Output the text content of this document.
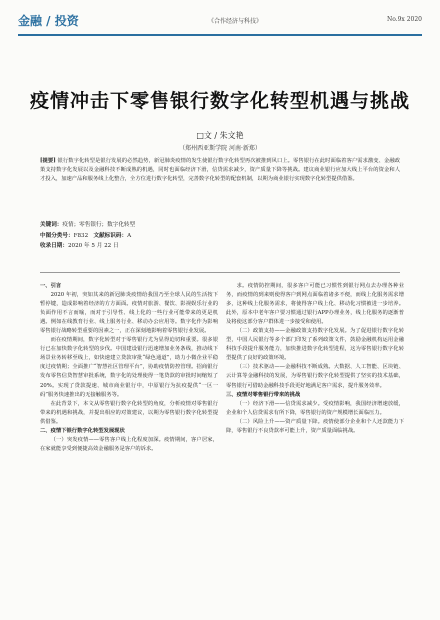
金融 / 投资	《合作经济与科技》	No.9x 2020
疫情冲击下零售银行数字化转型机遇与挑战
□文 / 朱文艳
（郑州西亚斯学院 河南·新郑）
[提要] 银行数字化转型是银行发展的必然趋势，新冠肺炎疫情的发生使银行数字化转型再次被推到风口上。零售银行在此时面临着客户需求激变、金融政策支持数字化发展以及金融科技不断成熟的机遇，同时也面临经济下滑，信贷需求减少，资产质量下降等挑战。建议商业银行应加大线上平台的资金和人才投入，加速产品和服务线上化整合，全方位进行数字化转型，完善数字化转型的配套机制，以期为商业银行实现数字化转型提供借鉴。
关键词：疫情；零售银行；数字化转型
中图分类号：F832 文献标识码：A
收录日期：2020 年 5 月 22 日

一、引言

2020 年初，突如其来的新冠肺炎疫情给我国乃至全球人民的生活按下暂停键，造成影响着经济的方方面面。疫情对旅游、餐饮、影视娱乐行业的负面作用不言而喻，而对于引导性、线上化的一些行业可能带来的更是机遇。例如在线教育行业、线上服务行业、移动办公应用等。数字化作为影响零售银行战略转型重要的因素之一，正在深刻地影响着零售银行业发展。

而在疫情期间，数字化转型对于零售银行尤为显得迫切和重要。很多银行已在加快数字化转型的步伐。中国建设银行迅速增加业务条线，推动线下场景业务转移至线上，如快速建立贷款审批“绿色通道”，助力小微企业平稳度过疫情期；全面推广“智慧社区管理平台”，协助疫情防控管理。招商银行发布零售信贷智慧审批系统，数字化的处理使得一笔贷款的审批时间缩短了 20%。实现了贷款提速、城市商业银行中，中原银行为抗疫提供“一区一码”服务快速推出的无接触服务等。

在此背景下，本文从零售银行数字化转型的角度，分析疫情对零售银行带来的机遇和挑战，并提出相应的对策建议，以期为零售银行数字化转型提供借鉴。

二、疫情下银行数字化转型发展现状

（一）突发疫情——零售客户线上化程度加深。疫情期间，客户居家，在家就能享受到便捷高效金融服务是客户的诉求。

求。疫情防控期间，很多客户可能已习惯性到银行网点去办理各种业务，而疫情的到来则使得客户到网点面临着诸多不便，而线上化服务需求增多，这种线上化服务需求，将使得客户线上化、移动化习惯被进一步培养。此外，原本中老年客户要习惯通过银行APP办理业务，线上化服务的逐渐普及将使这部分客户群体进一步接受和使用。

（二）政策支持——金融政策支持数字化发展。为了促进银行数字化转型，中国人民银行等多个部门印发了系列政策文件，鼓励金融机构运用金融科技手段提升服务能力，加快推进数字化转型进程，这为零售银行数字化转型提供了良好的政策环境。

（三）技术驱动——金融科技不断成熟。大数据、人工智能、区块链、云计算等金融科技的发展，为零售银行数字化转型提供了坚实的技术基础，零售银行可借助金融科技手段更好地满足客户需求，提升服务效率。

三、疫情对零售银行带来的挑战

（一）经济下滑——信贷需求减少。受疫情影响，我国经济增速放缓，企业和个人信贷需求有所下降，零售银行的资产规模增长面临压力。

（二）风险上升——资产质量下降。疫情使部分企业和个人还款能力下降，零售银行不良贷款率可能上升，资产质量面临挑战。
